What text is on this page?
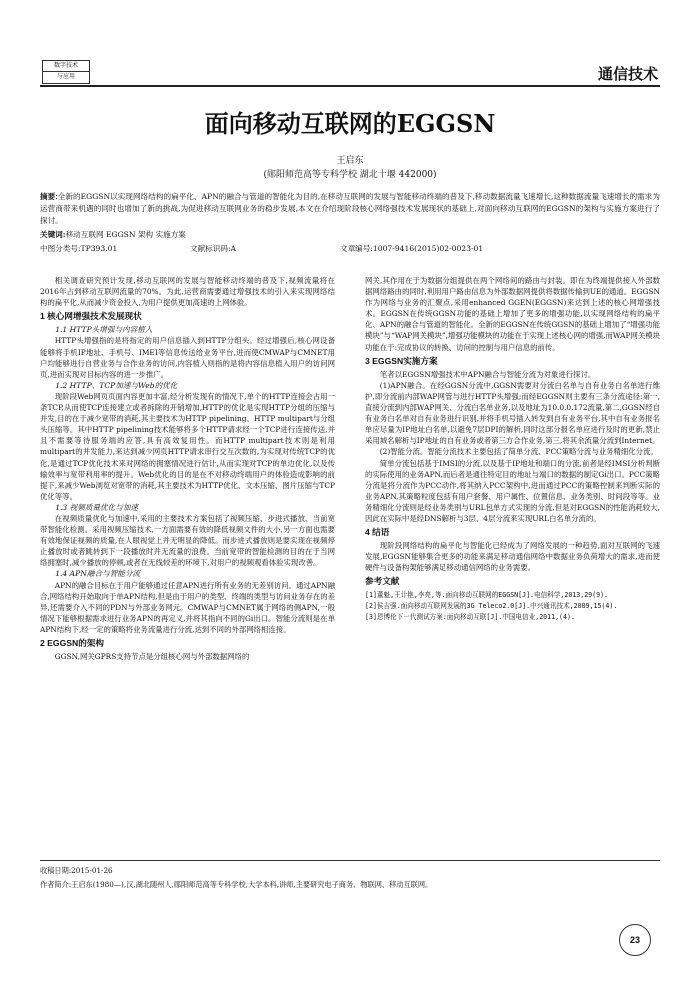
数字技术
与应用	通信技术
面向移动互联网的EGGSN
王启东
(郧阳师范高等专科学校 湖北十堰 442000)
摘要:全新的EGGSN以实现网络结构的扁平化、APN的融合与管道的智能化为目的,在移动互联网的发展与智能移动终端的普及下,移动数据流量飞速增长,这种数据流量飞速增长的需求为运营商带来机遇的同时也增加了新的挑战,为促进移动互联网业务的稳步发展,本文在介绍现阶段核心网络强技术发展现状的基础上,对面向移动互联网的EGGSN的架构与实施方案进行了探讨。
关键词:移动互联网 EGGSN 架构 实施方案
中图分类号:TP393.01	文献标识码:A	文章编号:1007-9416(2015)02-0023-01

相关调查研究预计发现,移动互联网的发展与智能移动终端的普及下,视频流量将在2016年占到移动互联网流量的70%。为此,运营商需要通过增强技术的引入来实现网络结构的扁平化,从而减少资金投入,为用户提供更加高速的上网体验。

1 核心网增强技术发展现状
1.1 HTTP头增强与内容植入

HTTP头增强指的是将指定的用户信息插入到HTTP分组头。经过增强后,核心网设备能够将手机IP地址、手机号、IMEI等信息传送给业务平台,进而使CMWAP与CMNET用户均能够进行自营业务与合作业务的访问,内容植入则指的是将内容信息植入用户的访问网页,进而实现对目标内容的进一步推广。

1.2 HTTP、TCP加速与Web的优化

现阶段Web网页页面内容更加丰富,经分析发现有的情况下,单个的HTTP连接会占用一条TCP,从而使TCP连接建立或者拆除的开销增加,HTTP的优化是实现HTTP分组的压缩与并发,目的在于减少宽带的消耗,其主要技术为HTTP pipelining、HTTP multipart与分组头压缩等。其中HTTP pipelining技术能够将多个HTTP请求经一个TCP进行连接传送,并且不需要等待服务端的应答,具有高效复用性。而HTTP multipart技术则是利用multipart的并发能力,来达到减少网页HTTP请求串行交互次数的,为实现对传统TCP的优化,是通过TCP优化技术来对网络的拥塞情况进行估计,从而实现对TCP的单边优化,以及传输效率与宽带利用率的提升。Web优化的目的是在不对移动终端用户的体验造成影响的前提下,来减少Web浏览对宽带的消耗,其主要技术为HTTP优化、文本压缩、图片压缩与TCP优化等等。

1.3 视频质量优化与加速

在视频质量优化与加速中,采用的主要技术方案包括了视频压缩、步进式播放、当前宽带智能化检测。采用视频压缩技术,一方面需要有效的降低视频文件的大小,另一方面也需要有效地保证视频的质量,在人眼视觉上并无明显的降低。而步进式播放则是要实现在视频停止播放时或者跳转到下一段播放时并无流量的浪费。当前宽带的智能检测的目的在于当网络拥塞时,减少播放的停顿,或者在无线较差的环境下,对用户的视频观看体验实现改善。

1.4 APN融合与智能分流

APN的融合目标在于用户能够通过任意APN进行所有业务的无差别访问。通过APN融合,网络结构开始取向于单APN结构,但是由于用户的类型、终端的类型与访问业务存在的差异,还需要介入不同的PDN与外部业务网元。CMWAP与CMNET属于网络的侧APN,一般情况下能够根据需求进行业务APN的再定义,并将其指向不同的Gi出口。智能分流则是在单APN结构下,经一定的策略将业务流量进行分流,达到不同的外部网络相连接。

2 EGGSN的架构

GGSN,网关GPRS支持节点是分组核心网与外部数据网络的

网关,其作用在于为数据分组提供在两个网络间的路由与封装。即在为终端提供接入外部数据网络路由的同时,利用用户路由信息为外部数据网提供将数据传输到UE的通道。EGGSN作为网络与业务的汇聚点,采用enhanced GGEN(EGGSN)来达到上述的核心网增强技术。EGGSN在传统GGSN功能的基础上增加了更多的增强功能,以实现网络结构的扁平化、APN的融合与管道的智能化。全新的EGGSN在传统GGSN的基础上增加了“增强功能模块”与“WAP网关模块”,增强功能模块的功能在于实现上述核心网的增强,而WAP网关模块功能在于:完成协议的转换、访问的控制与用户信息的前传。

3 EGGSN实施方案

笔者以EGGSN增强技术中APN融合与智能分流为对象进行探讨。

(1)APN融合。在经GGSN分流中,GGSN需要对分流白名单与自有业务白名单进行维护,即分流前内部WAP网管与进行HTTP头增强;而经EGGSN则主要有三条分流途径:第一,直接分流到内部WAP网关、分流白名单业务,以及地址为10.0.0.172流量,第二,GGSN经自有业务白名单对自有业务进行识别,并将手机号插入转发到自有业务平台,其中自有业务报名单应尽量为IP地址白名单,以避免7层DPI的解析,同时这部分报名单应进行及时的更新,禁止采用城名解析与IP地址的自有业务或者第三方合作业务,第三,将其余流量分流到Internet。

(2)智能分流。智能分流技术主要包括了简单分流、PCC策略分流与业务精细化分流。

简单分流包括基于IMSI的分流,以及基于IP地址和端口的分流,前者是经IMSI分析判断的实际使用的业务APN,而后者是通往特定目的地址与端口的数据的制定Gi出口。PCC策略分流是将分流作为PCC动作,将其纳入PCC架构中,进而通过PCC的策略控制来判断实际的业务APN,其策略粒度包括有用户套餐、用户属性、位置信息、业务类别、时间段等等。业务精细化分流则是经业务类别与URL包单方式实现的分流,但是对EGGSN的性能消耗较大,因此在实际中是经DNS解析与3层、4层分流来实现URL白名单分流的。

4 结语

现阶段网络结构的扁平化与智能化已经成为了网络发展的一种趋势,面对互联网的飞速发展,EGGSN能够集合更多的功能来满足移动通信网络中数据业务负荷增大的需求,进而使硬件与设备构架能够满足移动通信网络的业务需要。

参考文献

[1]董魁,王计艳,李亮,等.面向移动互联网的EGGSN[J].电信科学,2013,29(9).

[2]侯吉强.面向移动互联网发展的3G Teleco2.0[J].中兴通讯技术,2009,15(4).

[3]恩博伦下一代测试方案:面向移动互联[J].中国电信业,2011,(4).

收稿日期:2015-01-26
作者简介:王启东(1980—),汉,湖北随州人,郧阳师范高等专科学校,大学本科,讲师,主要研究电子商务、物联网、移动互联网。
23
